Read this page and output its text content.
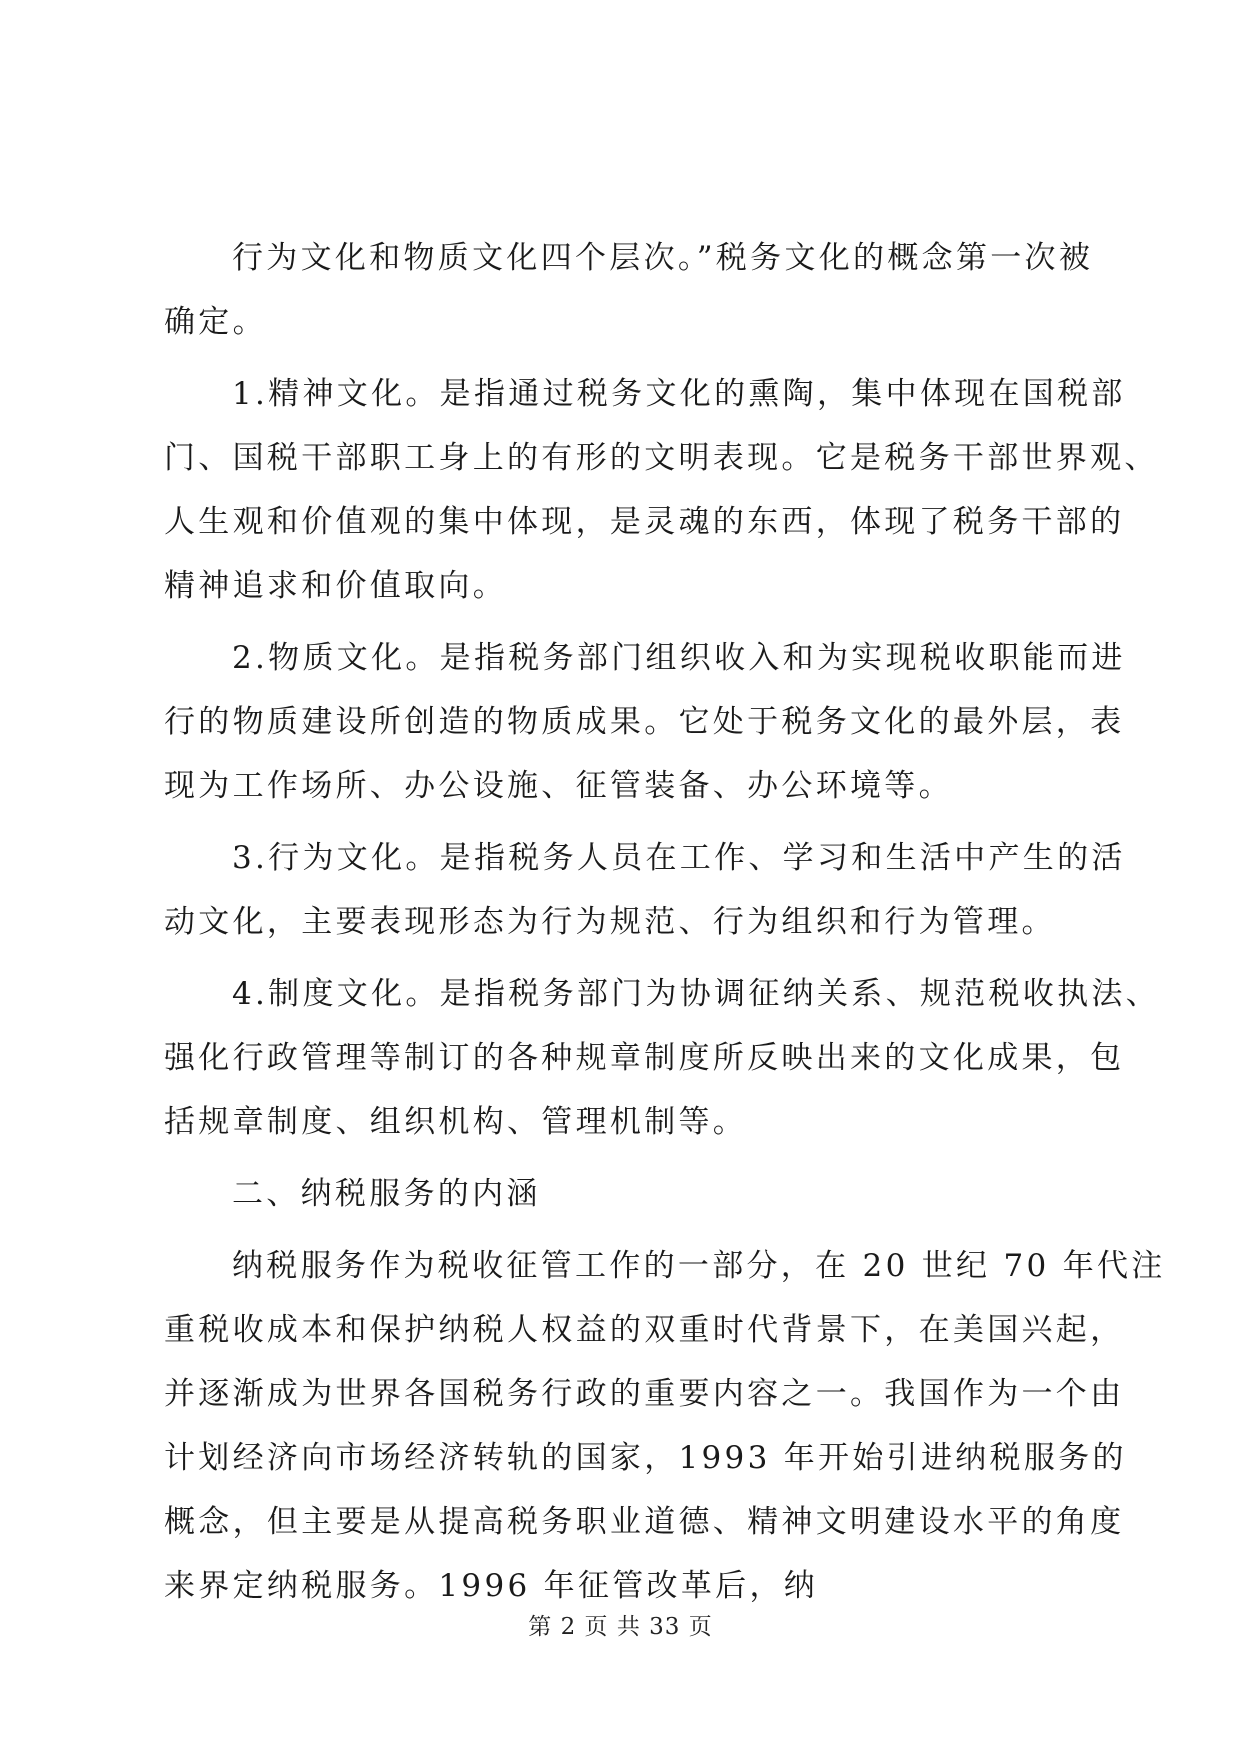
行为文化和物质文化四个层次。”税务文化的概念第一次被
确定。
1.精神文化。是指通过税务文化的熏陶，集中体现在国税部
门、国税干部职工身上的有形的文明表现。它是税务干部世界观、
人生观和价值观的集中体现，是灵魂的东西，体现了税务干部的
精神追求和价值取向。
2.物质文化。是指税务部门组织收入和为实现税收职能而进
行的物质建设所创造的物质成果。它处于税务文化的最外层，表
现为工作场所、办公设施、征管装备、办公环境等。
3.行为文化。是指税务人员在工作、学习和生活中产生的活
动文化，主要表现形态为行为规范、行为组织和行为管理。
4.制度文化。是指税务部门为协调征纳关系、规范税收执法、
强化行政管理等制订的各种规章制度所反映出来的文化成果，包
括规章制度、组织机构、管理机制等。
二、纳税服务的内涵
纳税服务作为税收征管工作的一部分，在 20 世纪 70 年代注
重税收成本和保护纳税人权益的双重时代背景下，在美国兴起，
并逐渐成为世界各国税务行政的重要内容之一。我国作为一个由
计划经济向市场经济转轨的国家，1993 年开始引进纳税服务的
概念，但主要是从提高税务职业道德、精神文明建设水平的角度
来界定纳税服务。1996 年征管改革后，纳
第 2 页 共 33 页
